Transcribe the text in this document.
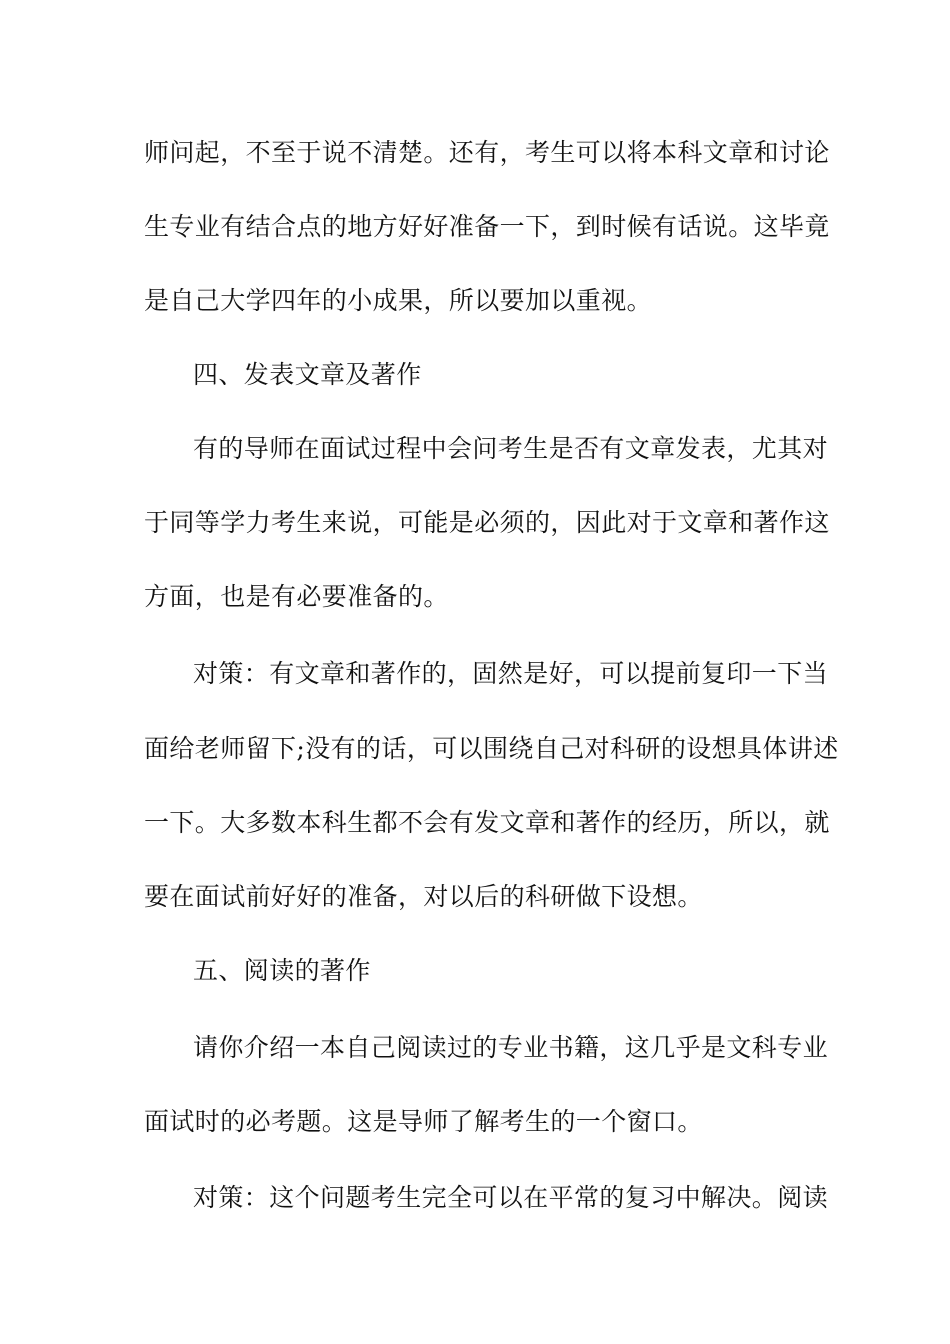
师问起，不至于说不清楚。还有，考生可以将本科文章和讨论
生专业有结合点的地方好好准备一下，到时候有话说。这毕竟
是自己大学四年的小成果，所以要加以重视。
四、发表文章及著作
有的导师在面试过程中会问考生是否有文章发表，尤其对
于同等学力考生来说，可能是必须的，因此对于文章和著作这
方面，也是有必要准备的。
对策：有文章和著作的，固然是好，可以提前复印一下当
面给老师留下;没有的话，可以围绕自己对科研的设想具体讲述
一下。大多数本科生都不会有发文章和著作的经历，所以，就
要在面试前好好的准备，对以后的科研做下设想。
五、阅读的著作
请你介绍一本自己阅读过的专业书籍，这几乎是文科专业
面试时的必考题。这是导师了解考生的一个窗口。
对策：这个问题考生完全可以在平常的复习中解决。阅读
